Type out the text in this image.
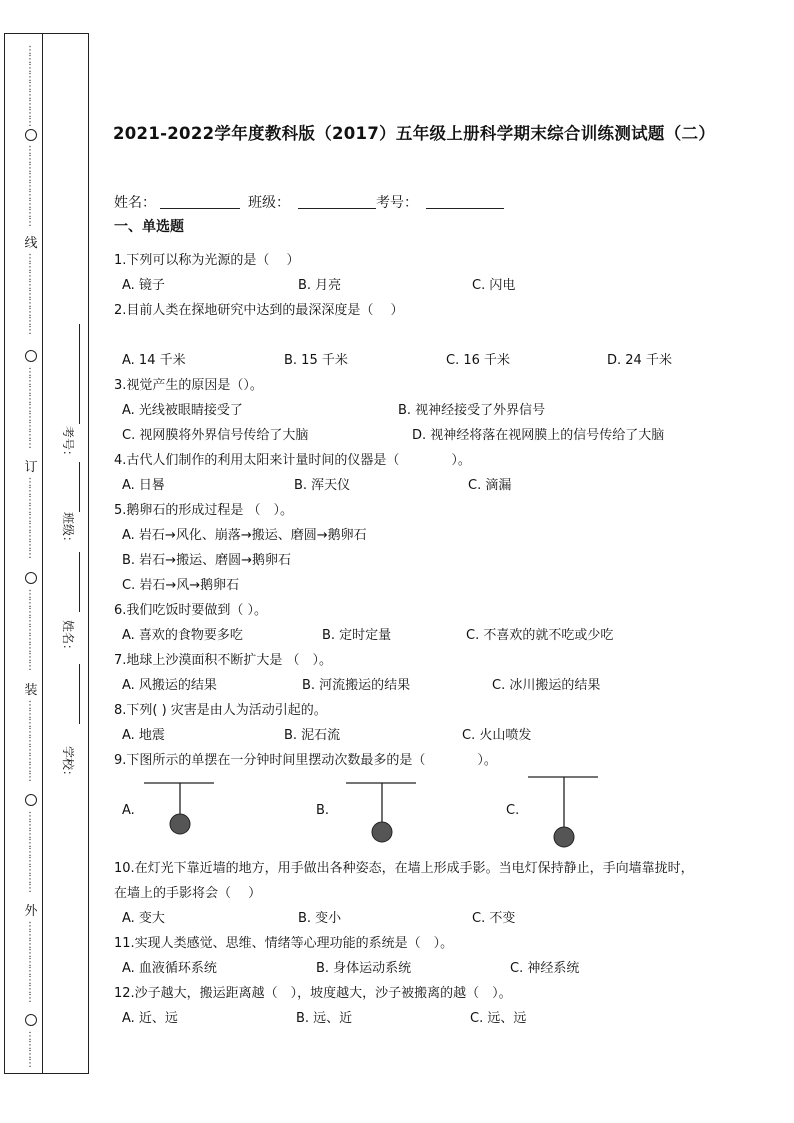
⋮
⋮
⋮
⋮
⋮
⋮
⋮
⋮
⋮
⋮
⋮
⋮
⋮
⋮
⋮
⋮
⋮
⋮
线
⋮
⋮
⋮
⋮
⋮
⋮
⋮
⋮
⋮
⋮
⋮
⋮
⋮
⋮
⋮
⋮
⋮
⋮
订
⋮
⋮
⋮
⋮
⋮
⋮
⋮
⋮
⋮
⋮
⋮
⋮
⋮
⋮
⋮
⋮
⋮
⋮
装
⋮
⋮
⋮
⋮
⋮
⋮
⋮
⋮
⋮
⋮
⋮
⋮
⋮
⋮
⋮
⋮
⋮
⋮
外
⋮
⋮
⋮
⋮
⋮
⋮
⋮
⋮
⋮
⋮
⋮
⋮
⋮
考号：
班级：
姓名：
学校：
2021-2022学年度教科版（2017）五年级上册科学期末综合训练测试题（二）
姓名：	班级：	考号：
一、单选题
1.下列可以称为光源的是（　 ）
A. 镜子	B. 月亮	C. 闪电
2.目前人类在探地研究中达到的最深深度是（　 ）
A. 14 千米	B. 15 千米	C. 16 千米	D. 24 千米
3.视觉产生的原因是（）。
A. 光线被眼睛接受了	B. 视神经接受了外界信号
C. 视网膜将外界信号传给了大脑	D. 视神经将落在视网膜上的信号传给了大脑
4.古代人们制作的利用太阳来计量时间的仪器是（　　　　）。
A. 日晷	B. 浑天仪	C. 滴漏
5.鹅卵石的形成过程是 （　）。
A. 岩石→风化、崩落→搬运、磨圆→鹅卵石
B. 岩石→搬运、磨圆→鹅卵石
C. 岩石→风→鹅卵石
6.我们吃饭时要做到（ ）。
A. 喜欢的食物要多吃	B. 定时定量	C. 不喜欢的就不吃或少吃
7.地球上沙漠面积不断扩大是 （　）。
A. 风搬运的结果	B. 河流搬运的结果	C. 冰川搬运的结果
8.下列( ) 灾害是由人为活动引起的。
A. 地震	B. 泥石流	C. 火山喷发
9.下图所示的单摆在一分钟时间里摆动次数最多的是（　　　　）。
A.	B.	C.
10.在灯光下靠近墙的地方，用手做出各种姿态，在墙上形成手影。当电灯保持静止，手向墙靠拢时，
在墙上的手影将会（　 ）
A. 变大	B. 变小	C. 不变
11.实现人类感觉、思维、情绪等心理功能的系统是（　）。
A. 血液循环系统	B. 身体运动系统	C. 神经系统
12.沙子越大，搬运距离越（　），坡度越大，沙子被搬离的越（　）。
A. 近、远	B. 远、近	C. 远、远
